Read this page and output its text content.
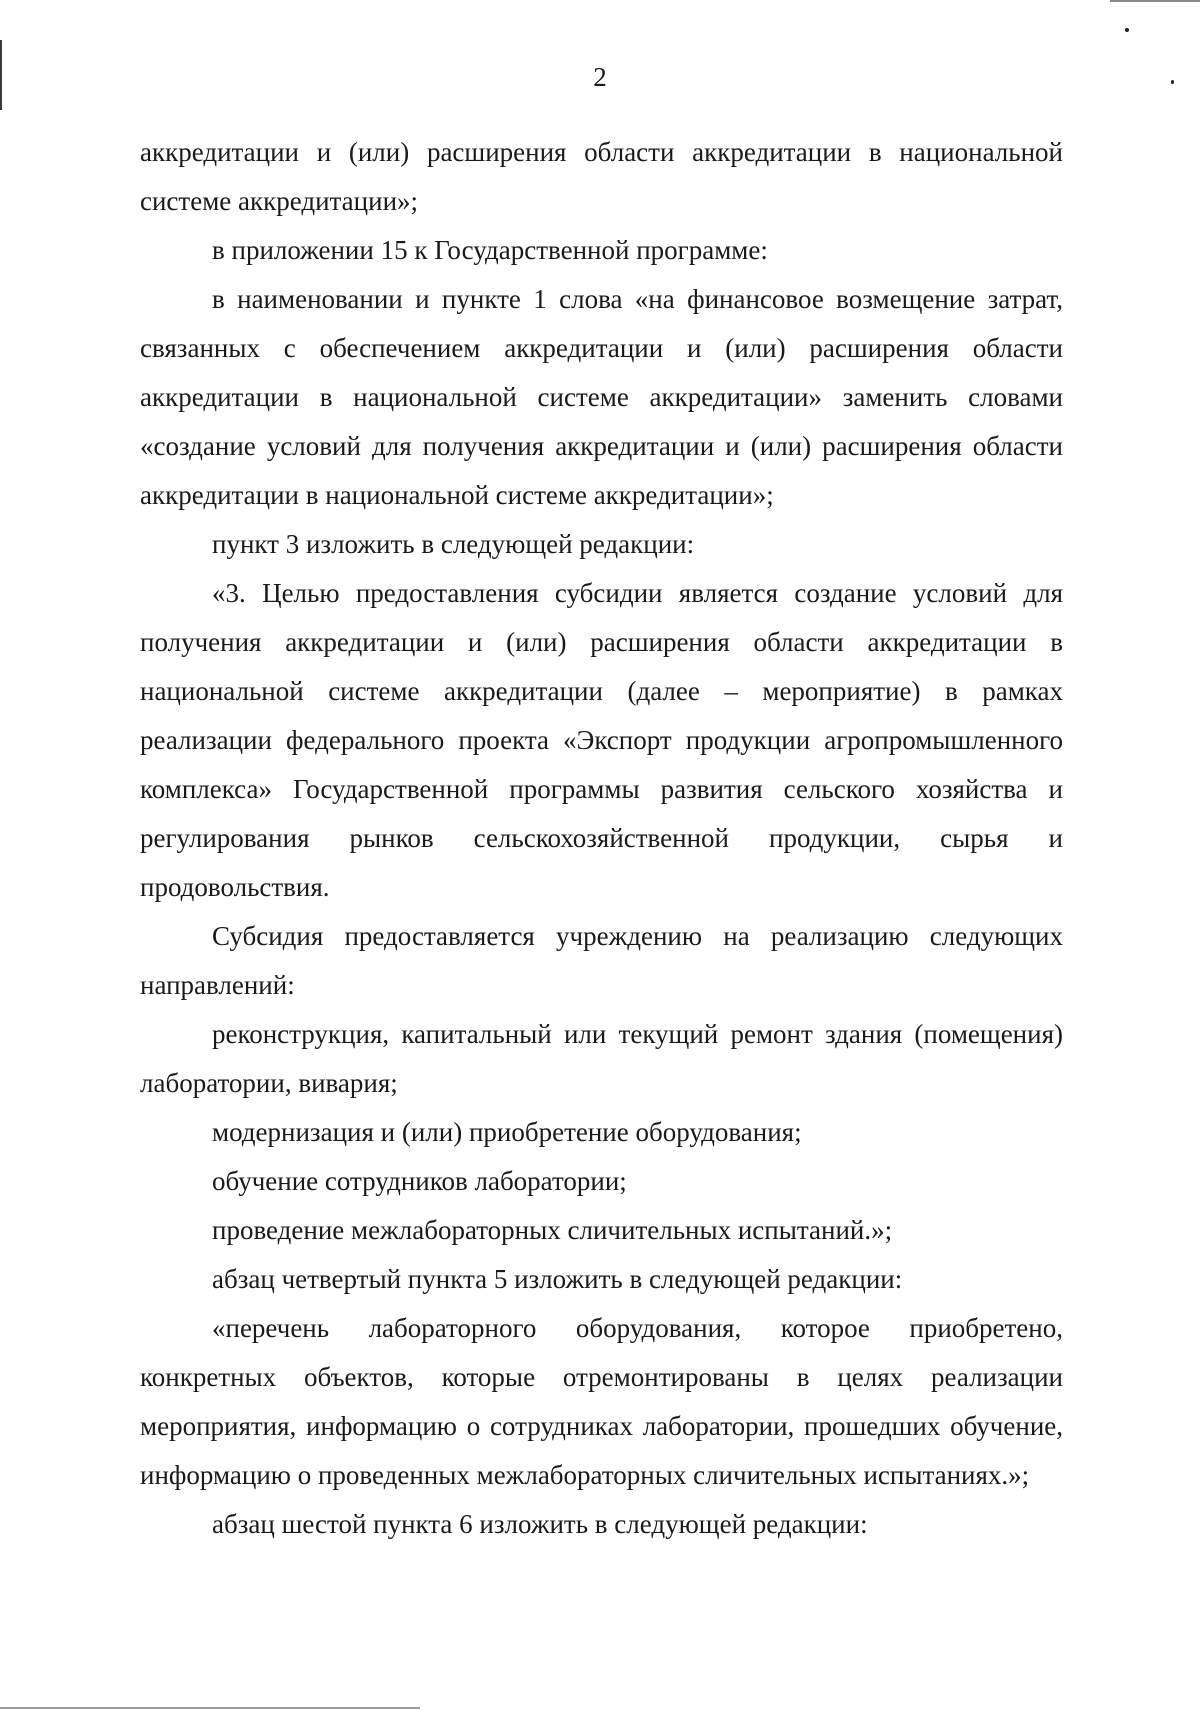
2

аккредитации и (или) расширения области аккредитации в национальной системе аккредитации»;

в приложении 15 к Государственной программе:

в наименовании и пункте 1 слова «на финансовое возмещение затрат, связанных с обеспечением аккредитации и (или) расширения области аккредитации в национальной системе аккредитации» заменить словами «создание условий для получения аккредитации и (или) расширения области аккредитации в национальной системе аккредитации»;

пункт 3 изложить в следующей редакции:

«3. Целью предоставления субсидии является создание условий для получения аккредитации и (или) расширения области аккредитации в национальной системе аккредитации (далее – мероприятие) в рамках реализации федерального проекта «Экспорт продукции агропромышленного комплекса» Государственной программы развития сельского хозяйства и регулирования рынков сельскохозяйственной продукции, сырья и продовольствия.

Субсидия предоставляется учреждению на реализацию следующих направлений:

реконструкция, капитальный или текущий ремонт здания (помещения) лаборатории, вивария;

модернизация и (или) приобретение оборудования;

обучение сотрудников лаборатории;

проведение межлабораторных сличительных испытаний.»;

абзац четвертый пункта 5 изложить в следующей редакции:

«перечень лабораторного оборудования, которое приобретено, конкретных объектов, которые отремонтированы в целях реализации мероприятия, информацию о сотрудниках лаборатории, прошедших обучение, информацию о проведенных межлабораторных сличительных испытаниях.»;

абзац шестой пункта 6 изложить в следующей редакции:
